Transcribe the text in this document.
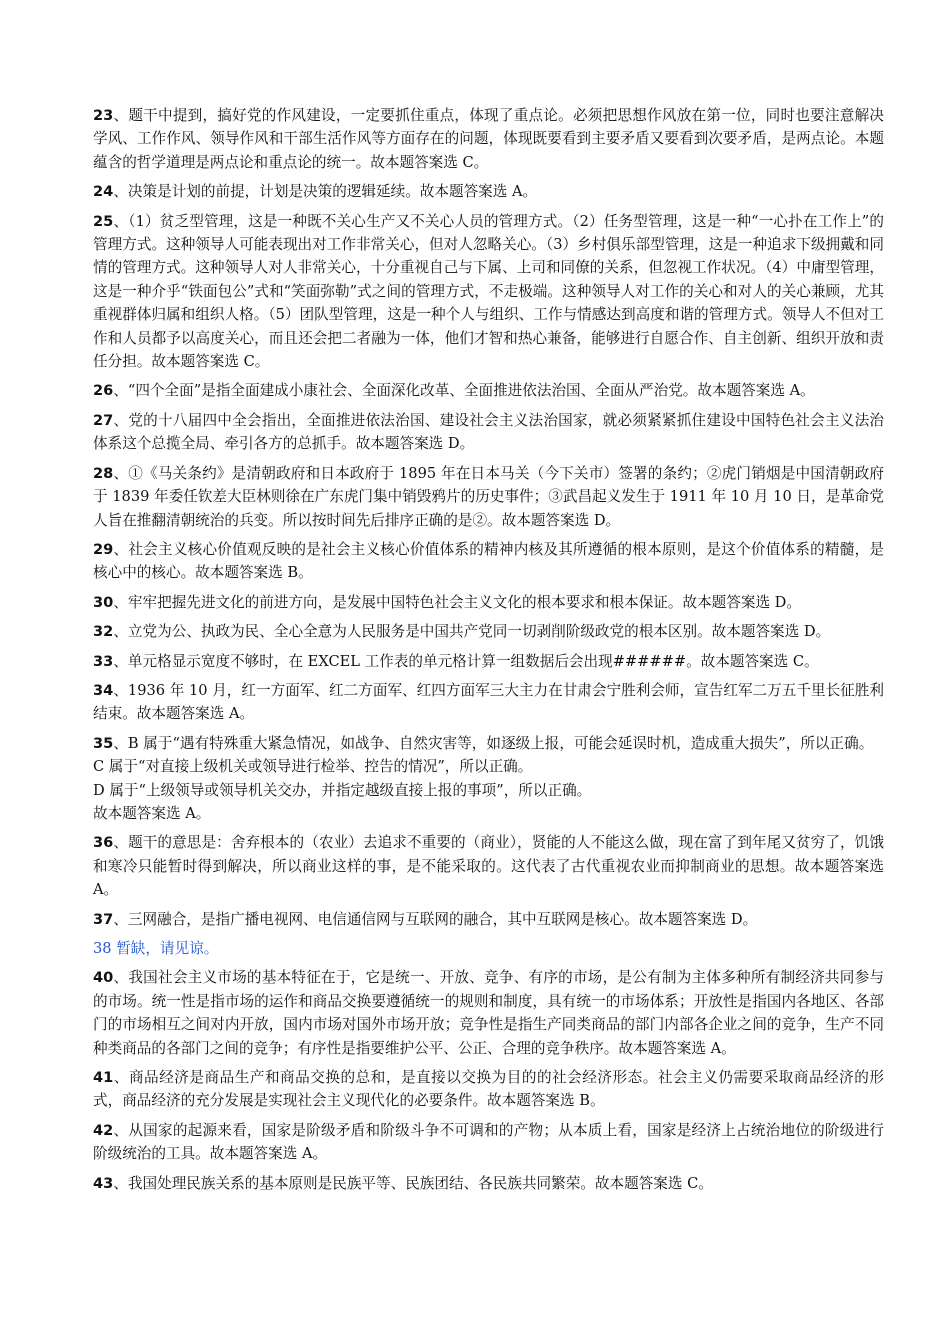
23、题干中提到，搞好党的作风建设，一定要抓住重点，体现了重点论。必须把思想作风放在第一位，同时也要注意解决学风、工作作风、领导作风和干部生活作风等方面存在的问题，体现既要看到主要矛盾又要看到次要矛盾，是两点论。本题蕴含的哲学道理是两点论和重点论的统一。故本题答案选 C。

24、决策是计划的前提，计划是决策的逻辑延续。故本题答案选 A。

25、（1）贫乏型管理，这是一种既不关心生产又不关心人员的管理方式。（2）任务型管理，这是一种“一心扑在工作上”的管理方式。这种领导人可能表现出对工作非常关心，但对人忽略关心。（3）乡村俱乐部型管理，这是一种追求下级拥戴和同情的管理方式。这种领导人对人非常关心，十分重视自己与下属、上司和同僚的关系，但忽视工作状况。（4）中庸型管理，这是一种介乎“铁面包公”式和“笑面弥勒”式之间的管理方式，不走极端。这种领导人对工作的关心和对人的关心兼顾，尤其重视群体归属和组织人格。（5）团队型管理，这是一种个人与组织、工作与情感达到高度和谐的管理方式。领导人不但对工作和人员都予以高度关心，而且还会把二者融为一体，他们才智和热心兼备，能够进行自愿合作、自主创新、组织开放和责任分担。故本题答案选 C。

26、“四个全面”是指全面建成小康社会、全面深化改革、全面推进依法治国、全面从严治党。故本题答案选 A。

27、党的十八届四中全会指出，全面推进依法治国、建设社会主义法治国家，就必须紧紧抓住建设中国特色社会主义法治体系这个总揽全局、牵引各方的总抓手。故本题答案选 D。

28、①《马关条约》是清朝政府和日本政府于 1895 年在日本马关（今下关市）签署的条约；②虎门销烟是中国清朝政府于 1839 年委任钦差大臣林则徐在广东虎门集中销毁鸦片的历史事件；③武昌起义发生于 1911 年 10 月 10 日，是革命党人旨在推翻清朝统治的兵变。所以按时间先后排序正确的是②。故本题答案选 D。

29、社会主义核心价值观反映的是社会主义核心价值体系的精神内核及其所遵循的根本原则，是这个价值体系的精髓，是核心中的核心。故本题答案选 B。

30、牢牢把握先进文化的前进方向，是发展中国特色社会主义文化的根本要求和根本保证。故本题答案选 D。

32、立党为公、执政为民、全心全意为人民服务是中国共产党同一切剥削阶级政党的根本区别。故本题答案选 D。

33、单元格显示宽度不够时，在 EXCEL 工作表的单元格计算一组数据后会出现######。故本题答案选 C。

34、1936 年 10 月，红一方面军、红二方面军、红四方面军三大主力在甘肃会宁胜利会师，宣告红军二万五千里长征胜利结束。故本题答案选 A。

35、B 属于“遇有特殊重大紧急情况，如战争、自然灾害等，如逐级上报，可能会延误时机，造成重大损失”，所以正确。
C 属于“对直接上级机关或领导进行检举、控告的情况”，所以正确。
D 属于“上级领导或领导机关交办，并指定越级直接上报的事项”，所以正确。
故本题答案选 A。

36、题干的意思是：舍弃根本的（农业）去追求不重要的（商业），贤能的人不能这么做，现在富了到年尾又贫穷了，饥饿和寒冷只能暂时得到解决，所以商业这样的事，是不能采取的。这代表了古代重视农业而抑制商业的思想。故本题答案选 A。

37、三网融合，是指广播电视网、电信通信网与互联网的融合，其中互联网是核心。故本题答案选 D。

38 暂缺，请见谅。

40、我国社会主义市场的基本特征在于，它是统一、开放、竞争、有序的市场，是公有制为主体多种所有制经济共同参与的市场。统一性是指市场的运作和商品交换要遵循统一的规则和制度，具有统一的市场体系；开放性是指国内各地区、各部门的市场相互之间对内开放，国内市场对国外市场开放；竞争性是指生产同类商品的部门内部各企业之间的竞争，生产不同种类商品的各部门之间的竞争；有序性是指要维护公平、公正、合理的竞争秩序。故本题答案选 A。

41、商品经济是商品生产和商品交换的总和，是直接以交换为目的的社会经济形态。社会主义仍需要采取商品经济的形式，商品经济的充分发展是实现社会主义现代化的必要条件。故本题答案选 B。

42、从国家的起源来看，国家是阶级矛盾和阶级斗争不可调和的产物；从本质上看，国家是经济上占统治地位的阶级进行阶级统治的工具。故本题答案选 A。

43、我国处理民族关系的基本原则是民族平等、民族团结、各民族共同繁荣。故本题答案选 C。
